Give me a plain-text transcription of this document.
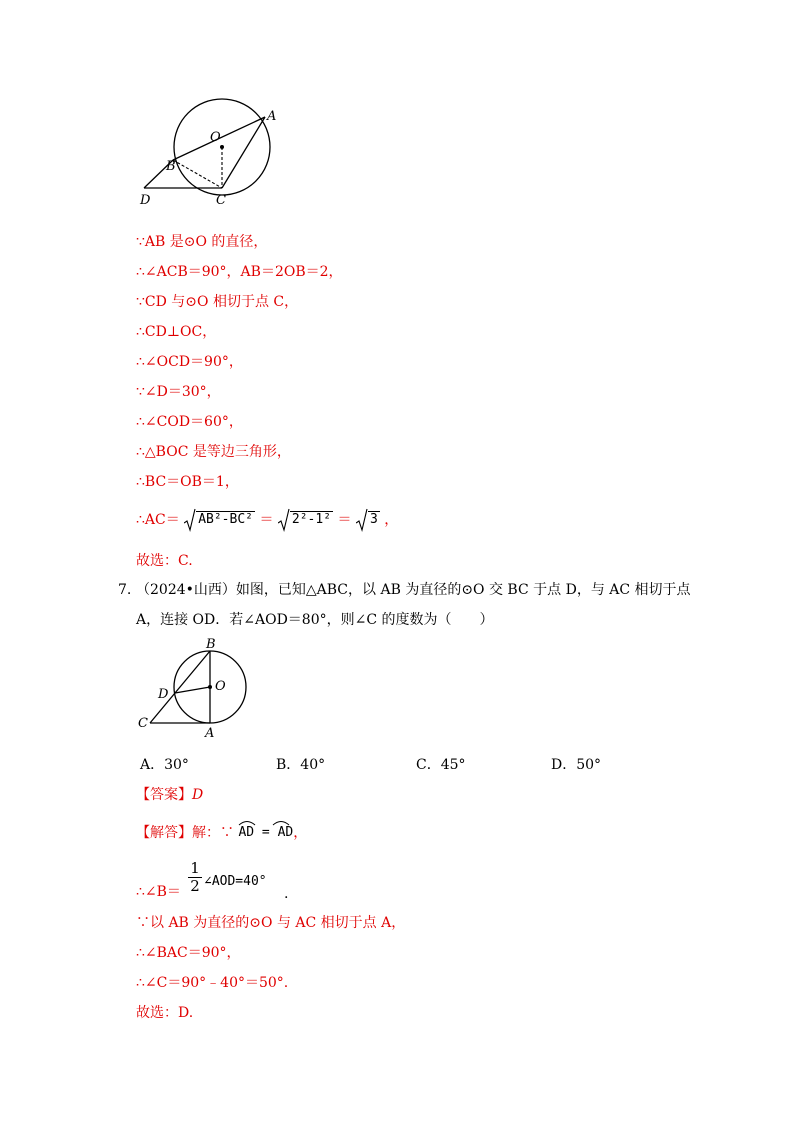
O
A
B
C
D
∵AB 是⊙O 的直径，
∴∠ACB＝90°，AB＝2OB＝2，
∵CD 与⊙O 相切于点 C，
∴CD⊥OC，
∴∠OCD＝90°，
∵∠D＝30°，
∴∠COD＝60°，
∴△BOC 是等边三角形，
∴BC＝OB＝1，
∴AC＝ AB²-BC² ＝ 2²-1² ＝ 3 ，
故选：C.
7. （2024•山西）如图，已知△ABC，以 AB 为直径的⊙O 交 BC 于点 D，与 AC 相切于点
A，连接 OD．若∠AOD＝80°，则∠C 的度数为（　　）
B
O
D
C
A
A．30°	B．40°	C．45°	D．50°
【答案】D
【解答】解：∵ AD = AD，
∴∠B＝
1
2 ∠AOD=40°
.
∵以 AB 为直径的⊙O 与 AC 相切于点 A，
∴∠BAC＝90°，
∴∠C＝90°﹣40°＝50°.
故选：D.
